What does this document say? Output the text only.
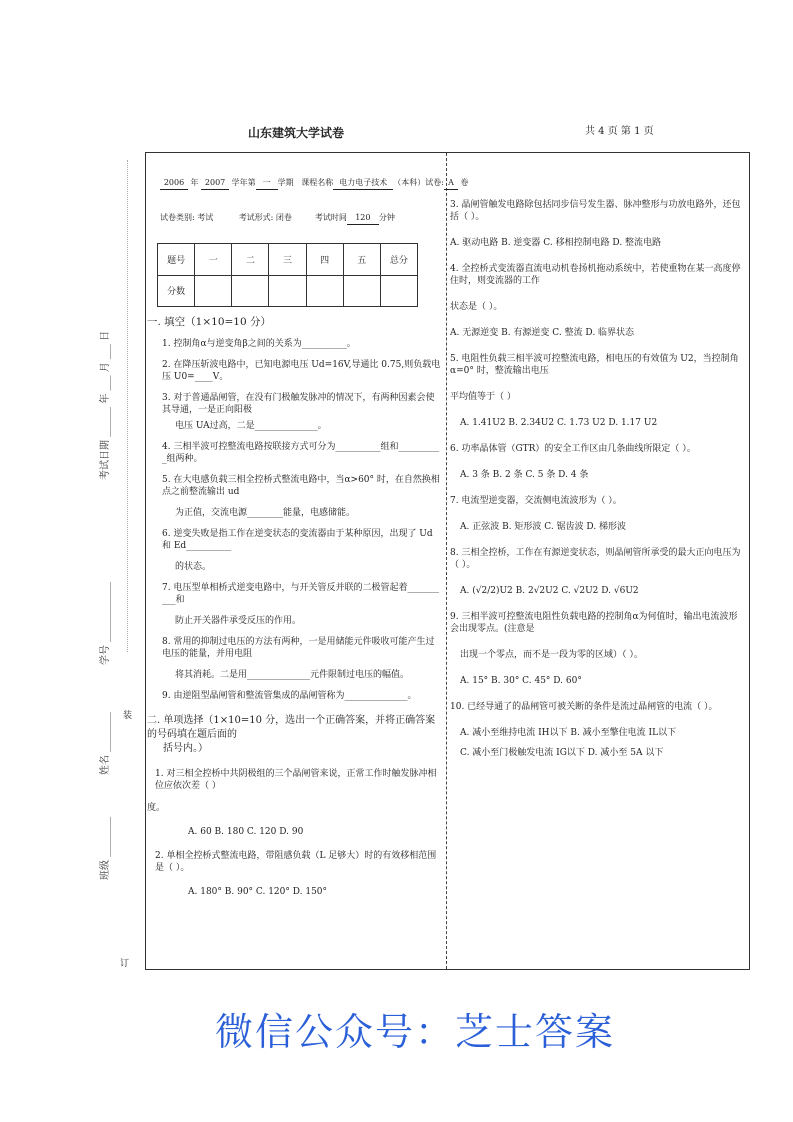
山东建筑大学试卷	共 4 页 第 1 页
考试日期 ______ 年 ___ 月 ___ 日
学号 ____________
姓名 ________
班级 ________
装
订
2006 年 2007 学年第 一 学期 课程名称 电力电子技术 （本科）试卷: A 卷
试卷类别: 考试	考试形式: 闭卷	考试时间 120 分钟
题号	一	二	三	四	五	总分
分数						
一. 填空（1×10=10 分）
1. 控制角α与逆变角β之间的关系为__________。
2. 在降压斩波电路中，已知电源电压 Ud=16V,导通比 0.75,则负载电压 U0=____V。
3. 对于普通晶闸管，在没有门极触发脉冲的情况下，有两种因素会使其导通，一是正向阳极
电压 UA过高，二是______________。
4. 三相半波可控整流电路按联接方式可分为__________组和__________组两种。
5. 在大电感负载三相全控桥式整流电路中，当α>60° 时，在自然换相点之前整流输出 ud
为正值，交流电源________能量，电感储能。
6. 逆变失败是指工作在逆变状态的变流器由于某种原因，出现了 Ud和 Ed__________
的状态。
7. 电压型单相桥式逆变电路中，与开关管反并联的二极管起着__________和
防止开关器件承受反压的作用。
8. 常用的抑制过电压的方法有两种，一是用储能元件吸收可能产生过电压的能量，并用电阻
将其消耗。二是用______________元件限制过电压的幅值。
9. 由逆阻型晶闸管和整流管集成的晶闸管称为______________。
二. 单项选择（1×10=10 分，选出一个正确答案，并将正确答案的号码填在题后面的
括号内。）
1. 对三相全控桥中共阴极组的三个晶闸管来说，正常工作时触发脉冲相位应依次差（ ）
度。
A. 60 B. 180 C. 120 D. 90
2. 单相全控桥式整流电路，带阻感负载（L 足够大）时的有效移相范围是（ ）。
A. 180° B. 90° C. 120° D. 150°
3. 晶闸管触发电路除包括同步信号发生器、脉冲整形与功放电路外，还包括（ ）。
A. 驱动电路 B. 逆变器 C. 移相控制电路 D. 整流电路
4. 全控桥式变流器直流电动机卷扬机拖动系统中，若使重物在某一高度停住时，则变流器的工作
状态是（ ）。
A. 无源逆变 B. 有源逆变 C. 整流 D. 临界状态
5. 电阻性负载三相半波可控整流电路，相电压的有效值为 U2，当控制角 α=0° 时，整流输出电压
平均值等于（ ）
A. 1.41U2 B. 2.34U2 C. 1.73 U2 D. 1.17 U2
6. 功率晶体管（GTR）的安全工作区由几条曲线所限定（ ）。
A. 3 条 B. 2 条 C. 5 条 D. 4 条
7. 电流型逆变器，交流侧电流波形为（ ）。
A. 正弦波 B. 矩形波 C. 锯齿波 D. 梯形波
8. 三相全控桥，工作在有源逆变状态，则晶闸管所承受的最大正向电压为（ ）。
A. (√2/2)U2 B. 2√2U2 C. √2U2 D. √6U2
9. 三相半波可控整流电阻性负载电路的控制角α为何值时，输出电流波形会出现零点。(注意是
出现一个零点，而不是一段为零的区域）（ ）。
A. 15° B. 30° C. 45° D. 60°
10. 已经导通了的晶闸管可被关断的条件是流过晶闸管的电流（ ）。
A. 减小至维持电流 IH以下 B. 减小至擎住电流 IL以下
C. 减小至门极触发电流 IG以下 D. 减小至 5A 以下
微信公众号：芝士答案
